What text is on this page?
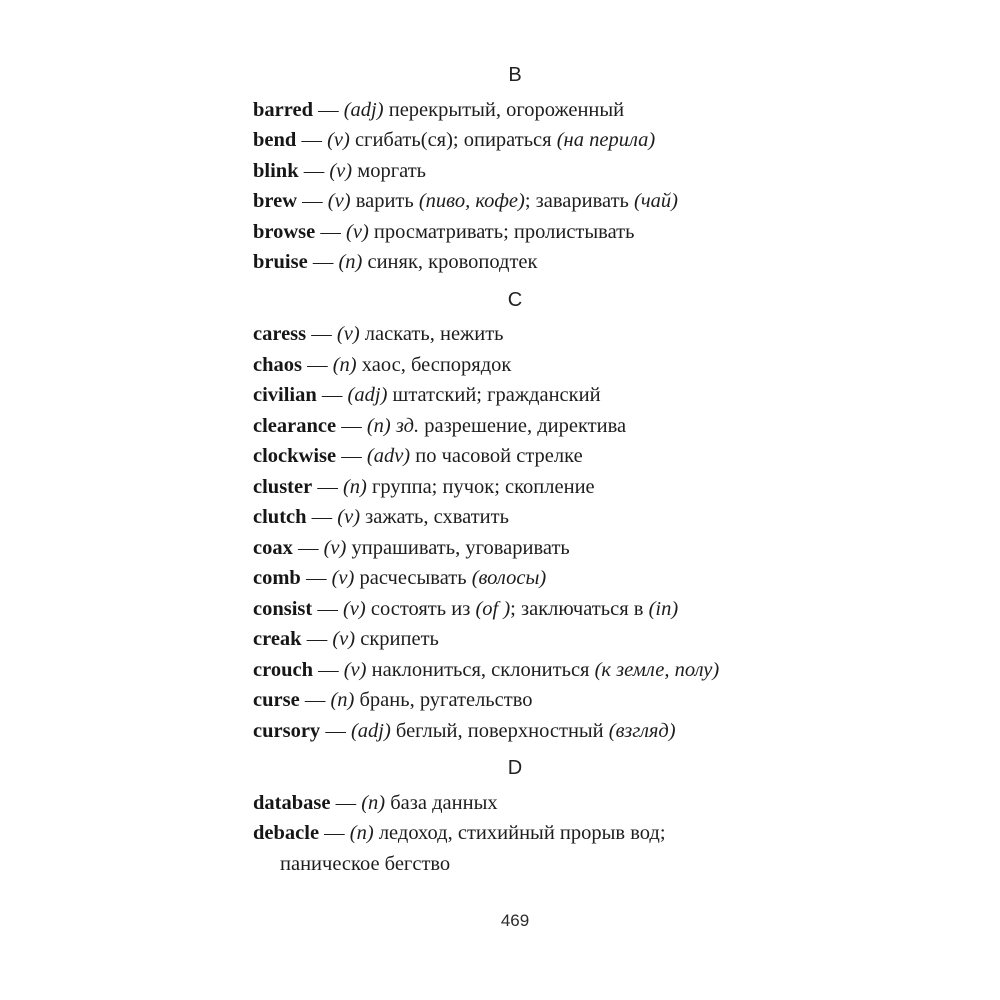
B

barred — (adj) перекрытый, огороженный

bend — (v) сгибать(ся); опираться (на перила)

blink — (v) моргать

brew — (v) варить (пиво, кофе); заваривать (чай)

browse — (v) просматривать; пролистывать

bruise — (n) синяк, кровоподтек

C

caress — (v) ласкать, нежить

chaos — (n) хаос, беспорядок

civilian — (adj) штатский; гражданский

clearance — (n) зд. разрешение, директива

clockwise — (adv) по часовой стрелке

cluster — (n) группа; пучок; скопление

clutch — (v) зажать, схватить

coax — (v) упрашивать, уговаривать

comb — (v) расчесывать (волосы)

consist — (v) состоять из (of ); заключаться в (in)

creak — (v) скрипеть

crouch — (v) наклониться, склониться (к земле, полу)

curse — (n) брань, ругательство

cursory — (adj) беглый, поверхностный (взгляд)

D

database — (n) база данных

debacle — (n) ледоход, стихийный прорыв вод;
паническое бегство

469
